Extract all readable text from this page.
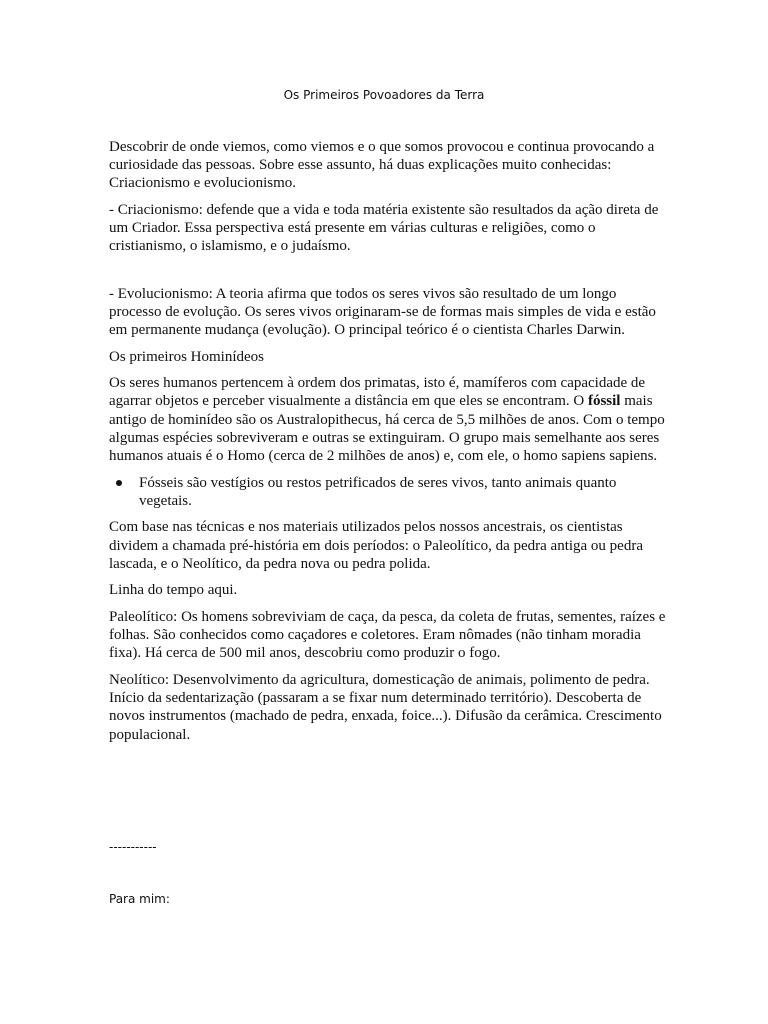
Os Primeiros Povoadores da Terra

Descobrir de onde viemos, como viemos e o que somos provocou e continua provocando a curiosidade das pessoas. Sobre esse assunto, há duas explicações muito conhecidas: Criacionismo e evolucionismo.

- Criacionismo: defende que a vida e toda matéria existente são resultados da ação direta de um Criador. Essa perspectiva está presente em várias culturas e religiões, como o cristianismo, o islamismo, e o judaísmo.

- Evolucionismo: A teoria afirma que todos os seres vivos são resultado de um longo processo de evolução. Os seres vivos originaram-se de formas mais simples de vida e estão em permanente mudança (evolução). O principal teórico é o cientista Charles Darwin.

Os primeiros Hominídeos

Os seres humanos pertencem à ordem dos primatas, isto é, mamíferos com capacidade de agarrar objetos e perceber visualmente a distância em que eles se encontram. O fóssil mais antigo de hominídeo são os Australopithecus, há cerca de 5,5 milhões de anos. Com o tempo algumas espécies sobreviveram e outras se extinguiram. O grupo mais semelhante aos seres humanos atuais é o Homo (cerca de 2 milhões de anos) e, com ele, o homo sapiens sapiens.

Fósseis são vestígios ou restos petrificados de seres vivos, tanto animais quanto vegetais.

Com base nas técnicas e nos materiais utilizados pelos nossos ancestrais, os cientistas dividem a chamada pré-história em dois períodos: o Paleolítico, da pedra antiga ou pedra lascada, e o Neolítico, da pedra nova ou pedra polida.

Linha do tempo aqui.

Paleolítico: Os homens sobreviviam de caça, da pesca, da coleta de frutas, sementes, raízes e folhas. São conhecidos como caçadores e coletores. Eram nômades (não tinham moradia fixa). Há cerca de 500 mil anos, descobriu como produzir o fogo.

Neolítico: Desenvolvimento da agricultura, domesticação de animais, polimento de pedra. Início da sedentarização (passaram a se fixar num determinado território). Descoberta de novos instrumentos (machado de pedra, enxada, foice...). Difusão da cerâmica. Crescimento populacional.

-----------
Para mim:
